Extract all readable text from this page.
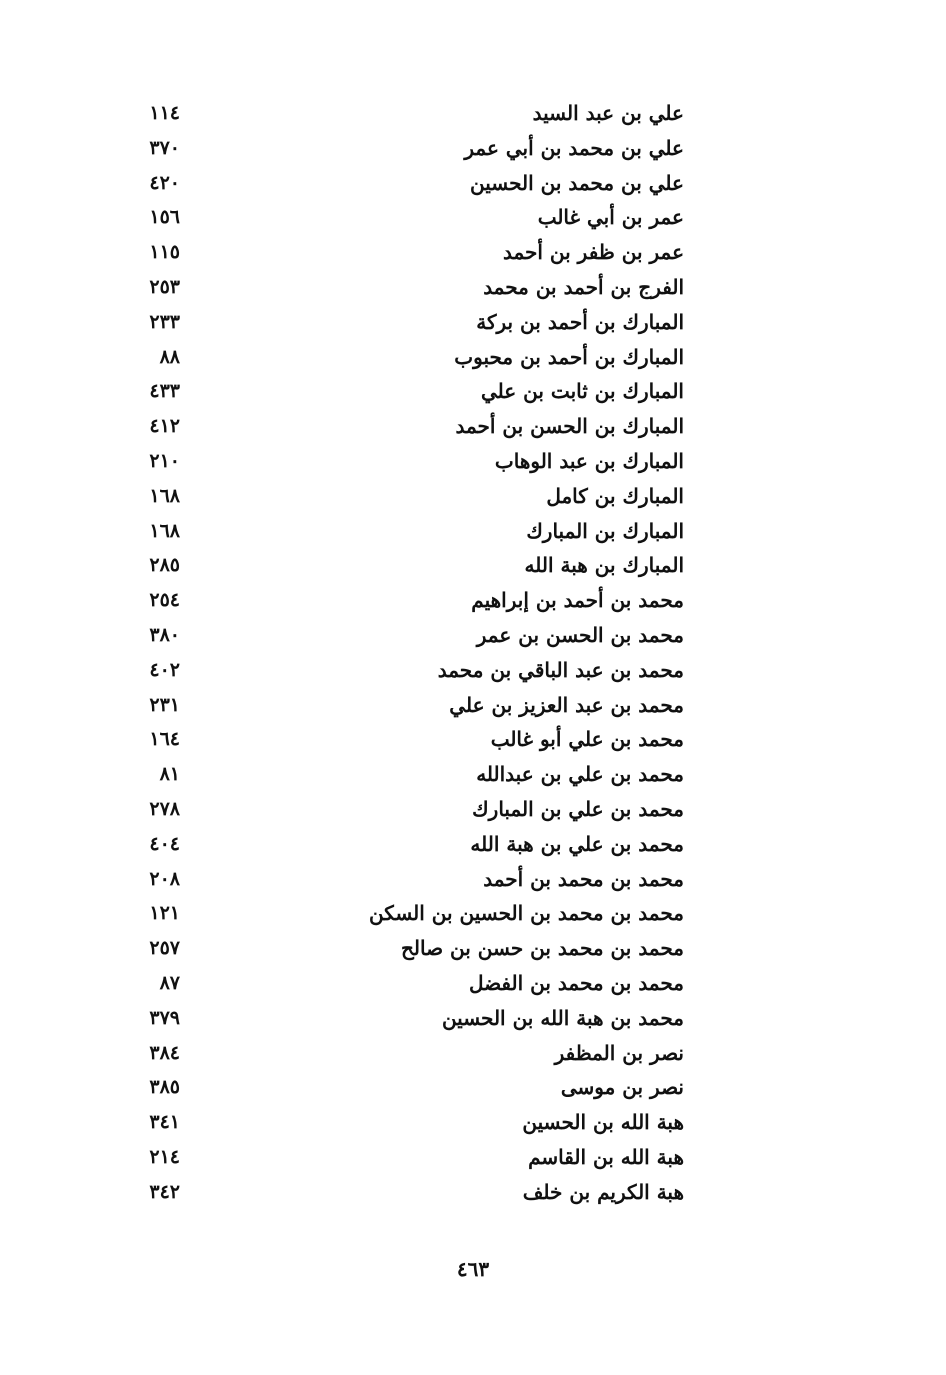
علي بن عبد السيد
١١٤
علي بن محمد بن أبي عمر
٣٧٠
علي بن محمد بن الحسين
٤٢٠
عمر بن أبي غالب
١٥٦
عمر بن ظفر بن أحمد
١١٥
الفرج بن أحمد بن محمد
٢٥٣
المبارك بن أحمد بن بركة
٢٣٣
المبارك بن أحمد بن محبوب
٨٨
المبارك بن ثابت بن علي
٤٣٣
المبارك بن الحسن بن أحمد
٤١٢
المبارك بن عبد الوهاب
٢١٠
المبارك بن كامل
١٦٨
المبارك بن المبارك
١٦٨
المبارك بن هبة الله
٢٨٥
محمد بن أحمد بن إبراهيم
٢٥٤
محمد بن الحسن بن عمر
٣٨٠
محمد بن عبد الباقي بن محمد
٤٠٢
محمد بن عبد العزيز بن علي
٢٣١
محمد بن علي أبو غالب
١٦٤
محمد بن علي بن عبدالله
٨١
محمد بن علي بن المبارك
٢٧٨
محمد بن علي بن هبة الله
٤٠٤
محمد بن محمد بن أحمد
٢٠٨
محمد بن محمد بن الحسين بن السكن
١٢١
محمد بن محمد بن حسن بن صالح
٢٥٧
محمد بن محمد بن الفضل
٨٧
محمد بن هبة الله بن الحسين
٣٧٩
نصر بن المظفر
٣٨٤
نصر بن موسى
٣٨٥
هبة الله بن الحسين
٣٤١
هبة الله بن القاسم
٢١٤
هبة الكريم بن خلف
٣٤٢
٤٦٣
